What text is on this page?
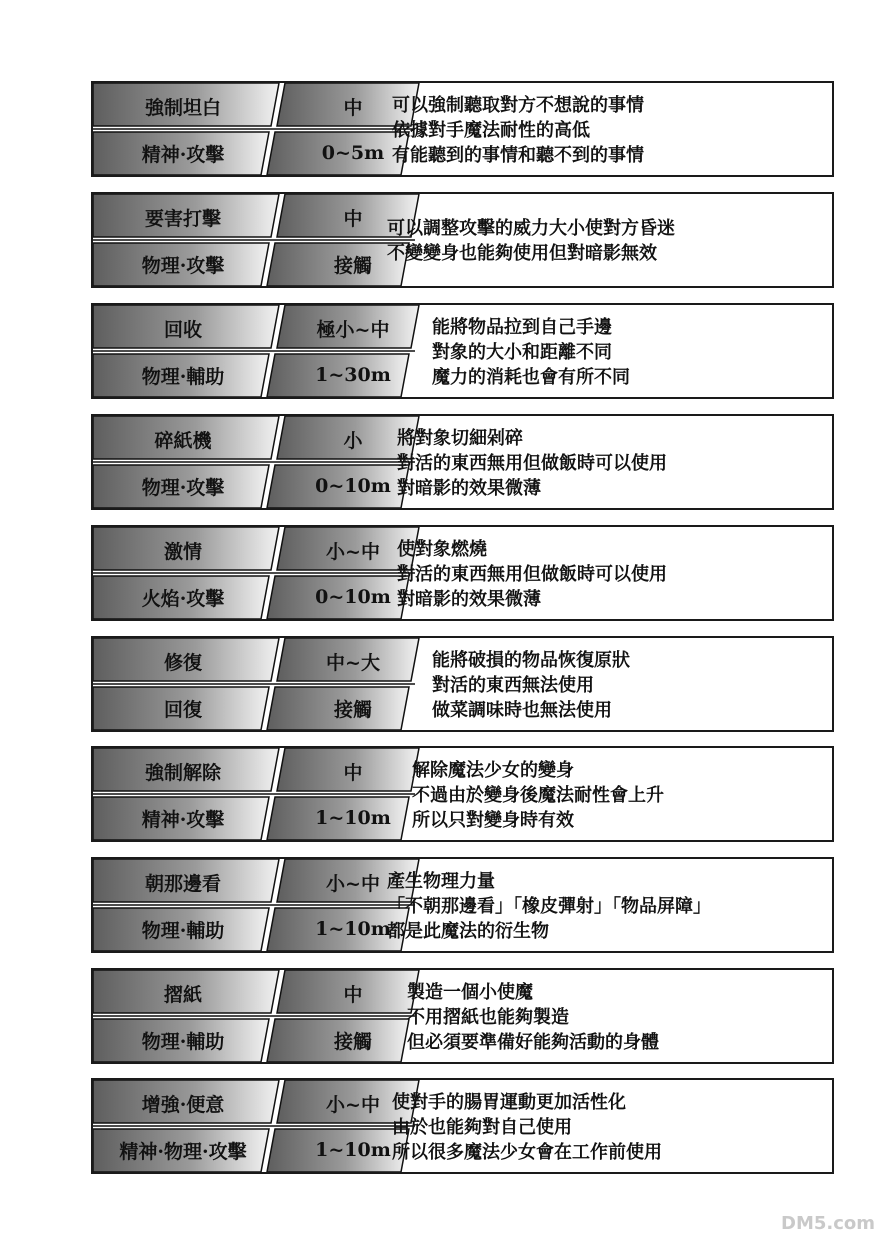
強制坦白
精神·攻擊
中
0~5m
可以強制聽取對方不想說的事情
依據對手魔法耐性的高低
有能聽到的事情和聽不到的事情
要害打擊
物理·攻擊
中
接觸
可以調整攻擊的威力大小使對方昏迷
不變變身也能夠使用但對暗影無效
回收
物理·輔助
極小~中
1~30m
能將物品拉到自己手邊
對象的大小和距離不同
魔力的消耗也會有所不同
碎紙機
物理·攻擊
小
0~10m
將對象切細剁碎
對活的東西無用但做飯時可以使用
對暗影的效果微薄
激情
火焰·攻擊
小~中
0~10m
使對象燃燒
對活的東西無用但做飯時可以使用
對暗影的效果微薄
修復
回復
中~大
接觸
能將破損的物品恢復原狀
對活的東西無法使用
做菜調味時也無法使用
強制解除
精神·攻擊
中
1~10m
解除魔法少女的變身
不過由於變身後魔法耐性會上升
所以只對變身時有效
朝那邊看
物理·輔助
小~中
1~10m
產生物理力量
「不朝那邊看」「橡皮彈射」「物品屏障」
都是此魔法的衍生物
摺紙
物理·輔助
中
接觸
製造一個小使魔
不用摺紙也能夠製造
但必須要準備好能夠活動的身體
增強·便意
精神·物理·攻擊
小~中
1~10m
使對手的腸胃運動更加活性化
由於也能夠對自己使用
所以很多魔法少女會在工作前使用
DM5.com
